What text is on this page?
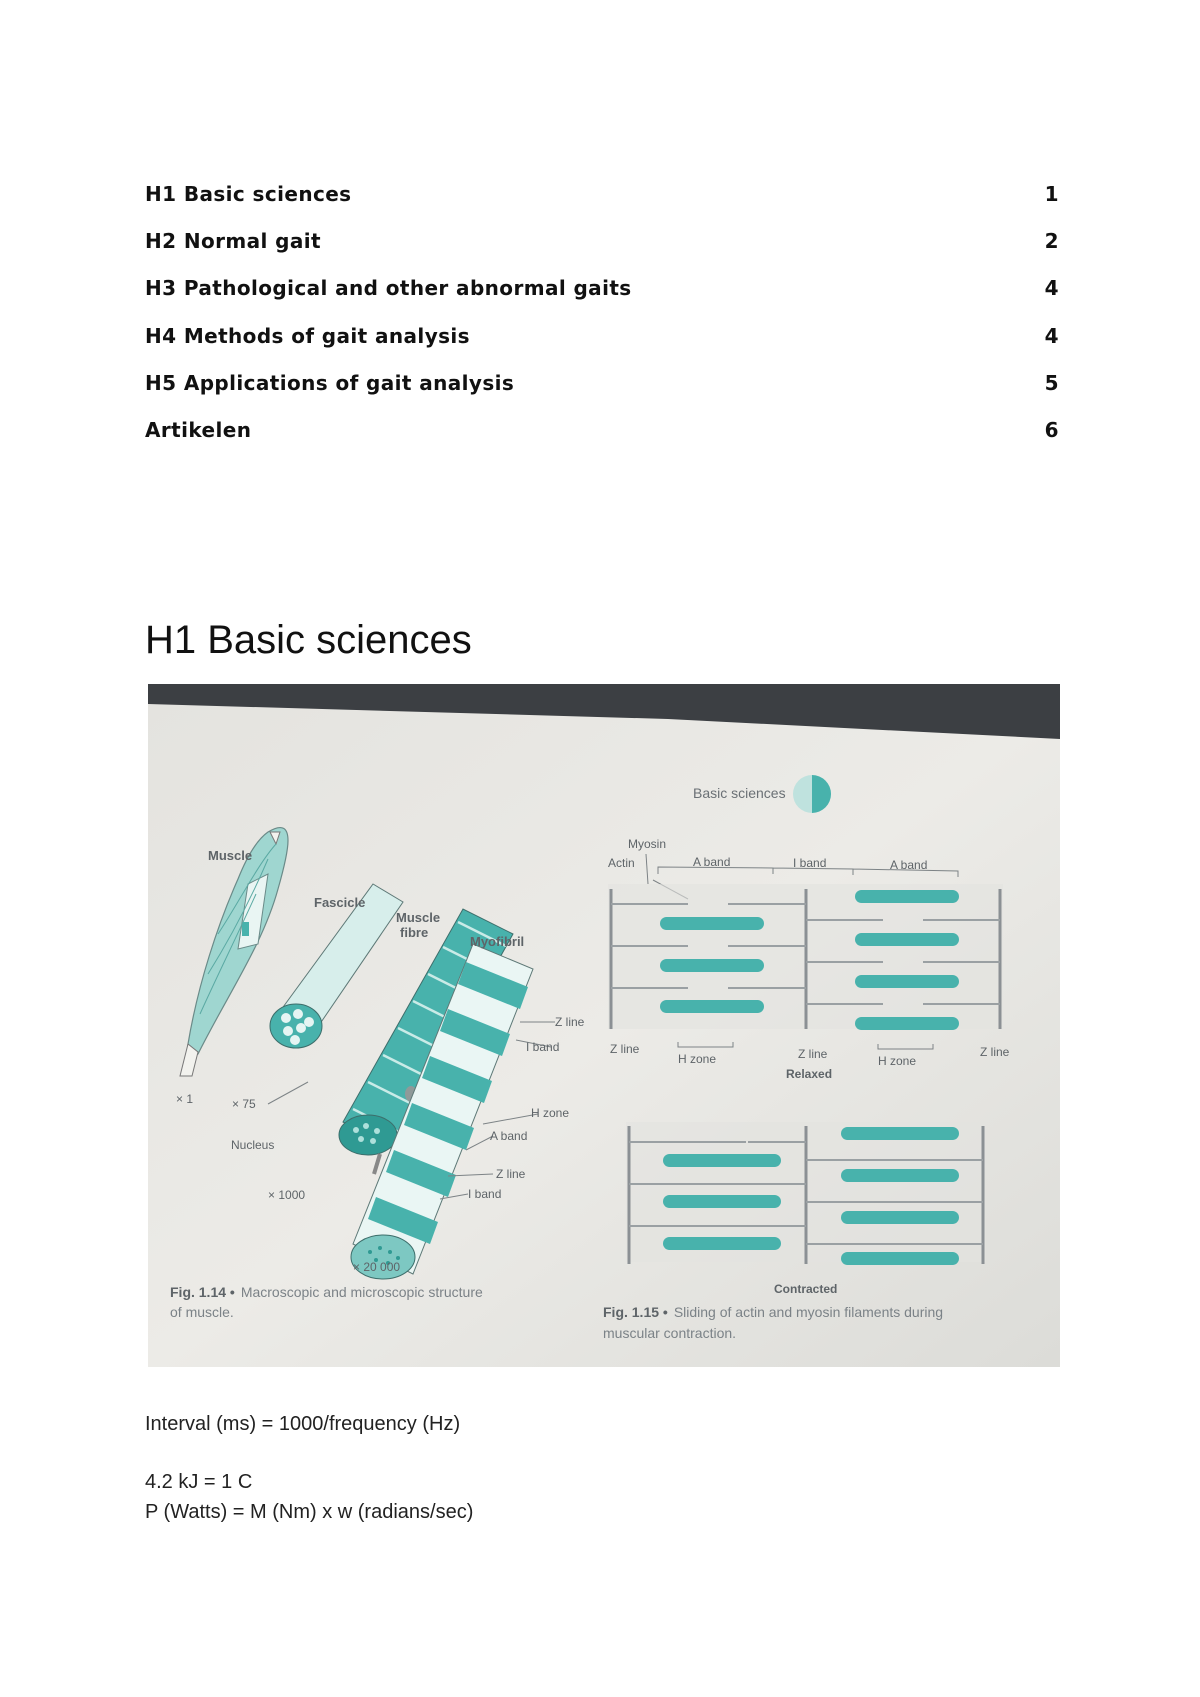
H1 Basic sciences	1
H2 Normal gait	2
H3 Pathological and other abnormal gaits	4
H4 Methods of gait analysis	4
H5 Applications of gait analysis	5
Artikelen	6
H1 Basic sciences
Basic sciences
Muscle
Fascicle
Muscle
fibre
Myofibril
Z line
I band
H zone
A band
Z line
I band
Nucleus
× 1	× 75
× 1000
× 20 000
Fig. 1.14 • Macroscopic and microscopic structure
of muscle.
Myosin
Actin	A band	I band	A band
Z line
H zone	Z line	H zone
Z line
Relaxed
Contracted
Fig. 1.15 • Sliding of actin and myosin filaments during
muscular contraction.

Interval (ms) = 1000/frequency (Hz)

4.2 kJ = 1 C

P (Watts) = M (Nm) x w (radians/sec)
